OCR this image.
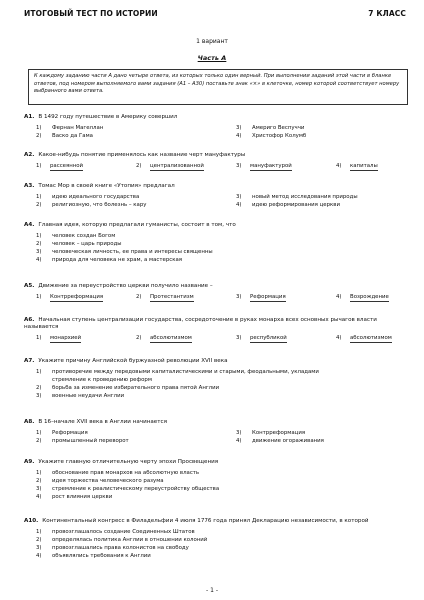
ИТОГОВЫЙ ТЕСТ ПО ИСТОРИИ	7 КЛАСС
1 вариант
Часть А
К каждому заданию части А дано четыре ответа, из которых только один верный. При выполнении заданий этой части в бланке ответов, под номером выполняемого вами задания (А1 – А30) поставьте знак «×» в клеточке, номер которой соответствует номеру выбранного вами ответа.
А1. В 1492 году путешествие в Америку совершил
1) Фернан Магеллан	3) Америго Веспуччи
2) Васко да Гама	4) Христофор Колумб
А2. Какое-нибудь понятие применялось как название черт мануфактуры
1) рассеянной	2) централизованной	3) мануфактурой	4) капиталы
А3. Томас Мор в своей книге «Утопия» предлагал
1) идею идеального государства	3) новый метод исследования природы
2) религиозную, что болезнь – кару	4) идею реформирования церкви
А4. Главная идея, которую предлагали гуманисты, состоит в том, что
1) человек создан Богом
2) человек – царь природы
3) человеческая личность, ее права и интересы священны
4) природа для человека не храм, а мастерская
А5. Движение за переустройство церкви получило название –
1) Контрреформация	2) Протестантизм	3) Реформация	4) Возрождение
А6. Начальная ступень централизации государства, сосредоточение в руках монарха всех основных рычагов власти называется
1) монархией	2) абсолютизмом	3) республикой	4) абсолютизмом
А7. Укажите причину Английской буржуазной революции XVII века
1) противоречие между передовыми капиталистическими и старыми, феодальными, укладами
стремление к проведению реформ
2) борьба за изменение избирательного права пятой Англии
3) военные неудачи Англии
А8. В 16–начале XVII века в Англии начинается
1) Реформация	3) Контрреформация
2) промышленный переворот	4) движение огораживания
А9. Укажите главную отличительную черту эпохи Просвещения
1) обоснование прав монархов на абсолютную власть
2) идея торжества человеческого разума
3) стремление к реалистическому переустройству общества
4) рост влияния церкви
А10. Континентальный конгресс в Филадельфии 4 июля 1776 года принял Декларацию независимости, в которой
1) провозглашалось создание Соединенных Штатов
2) определялась политика Англии в отношении колоний
3) провозглашались права колонистов на свободу
4) объявлялись требования к Англии
- 1 -
